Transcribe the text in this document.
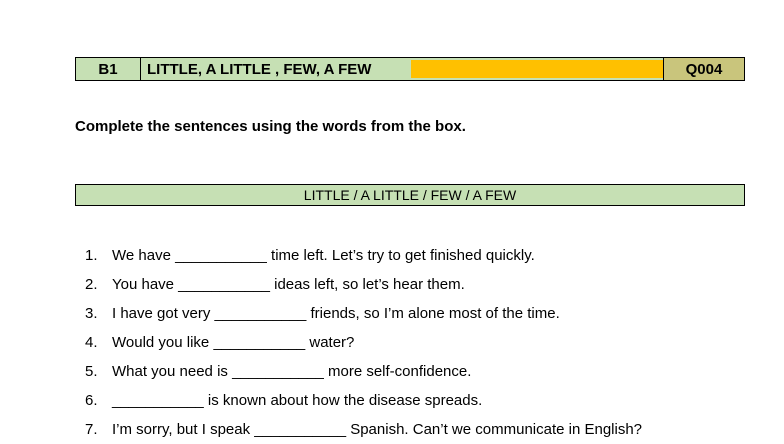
B1	LITTLE, A LITTLE , FEW, A FEW	Q004
Complete the sentences using the words from the box.
LITTLE / A LITTLE / FEW / A FEW
1. We have ___________ time left. Let’s try to get finished quickly.
2. You have ___________ ideas left, so let’s hear them.
3. I have got very ___________ friends, so I’m alone most of the time.
4. Would you like ___________ water?
5. What you need is ___________ more self-confidence.
6. ___________ is known about how the disease spreads.
7. I’m sorry, but I speak ___________ Spanish. Can’t we communicate in English?
